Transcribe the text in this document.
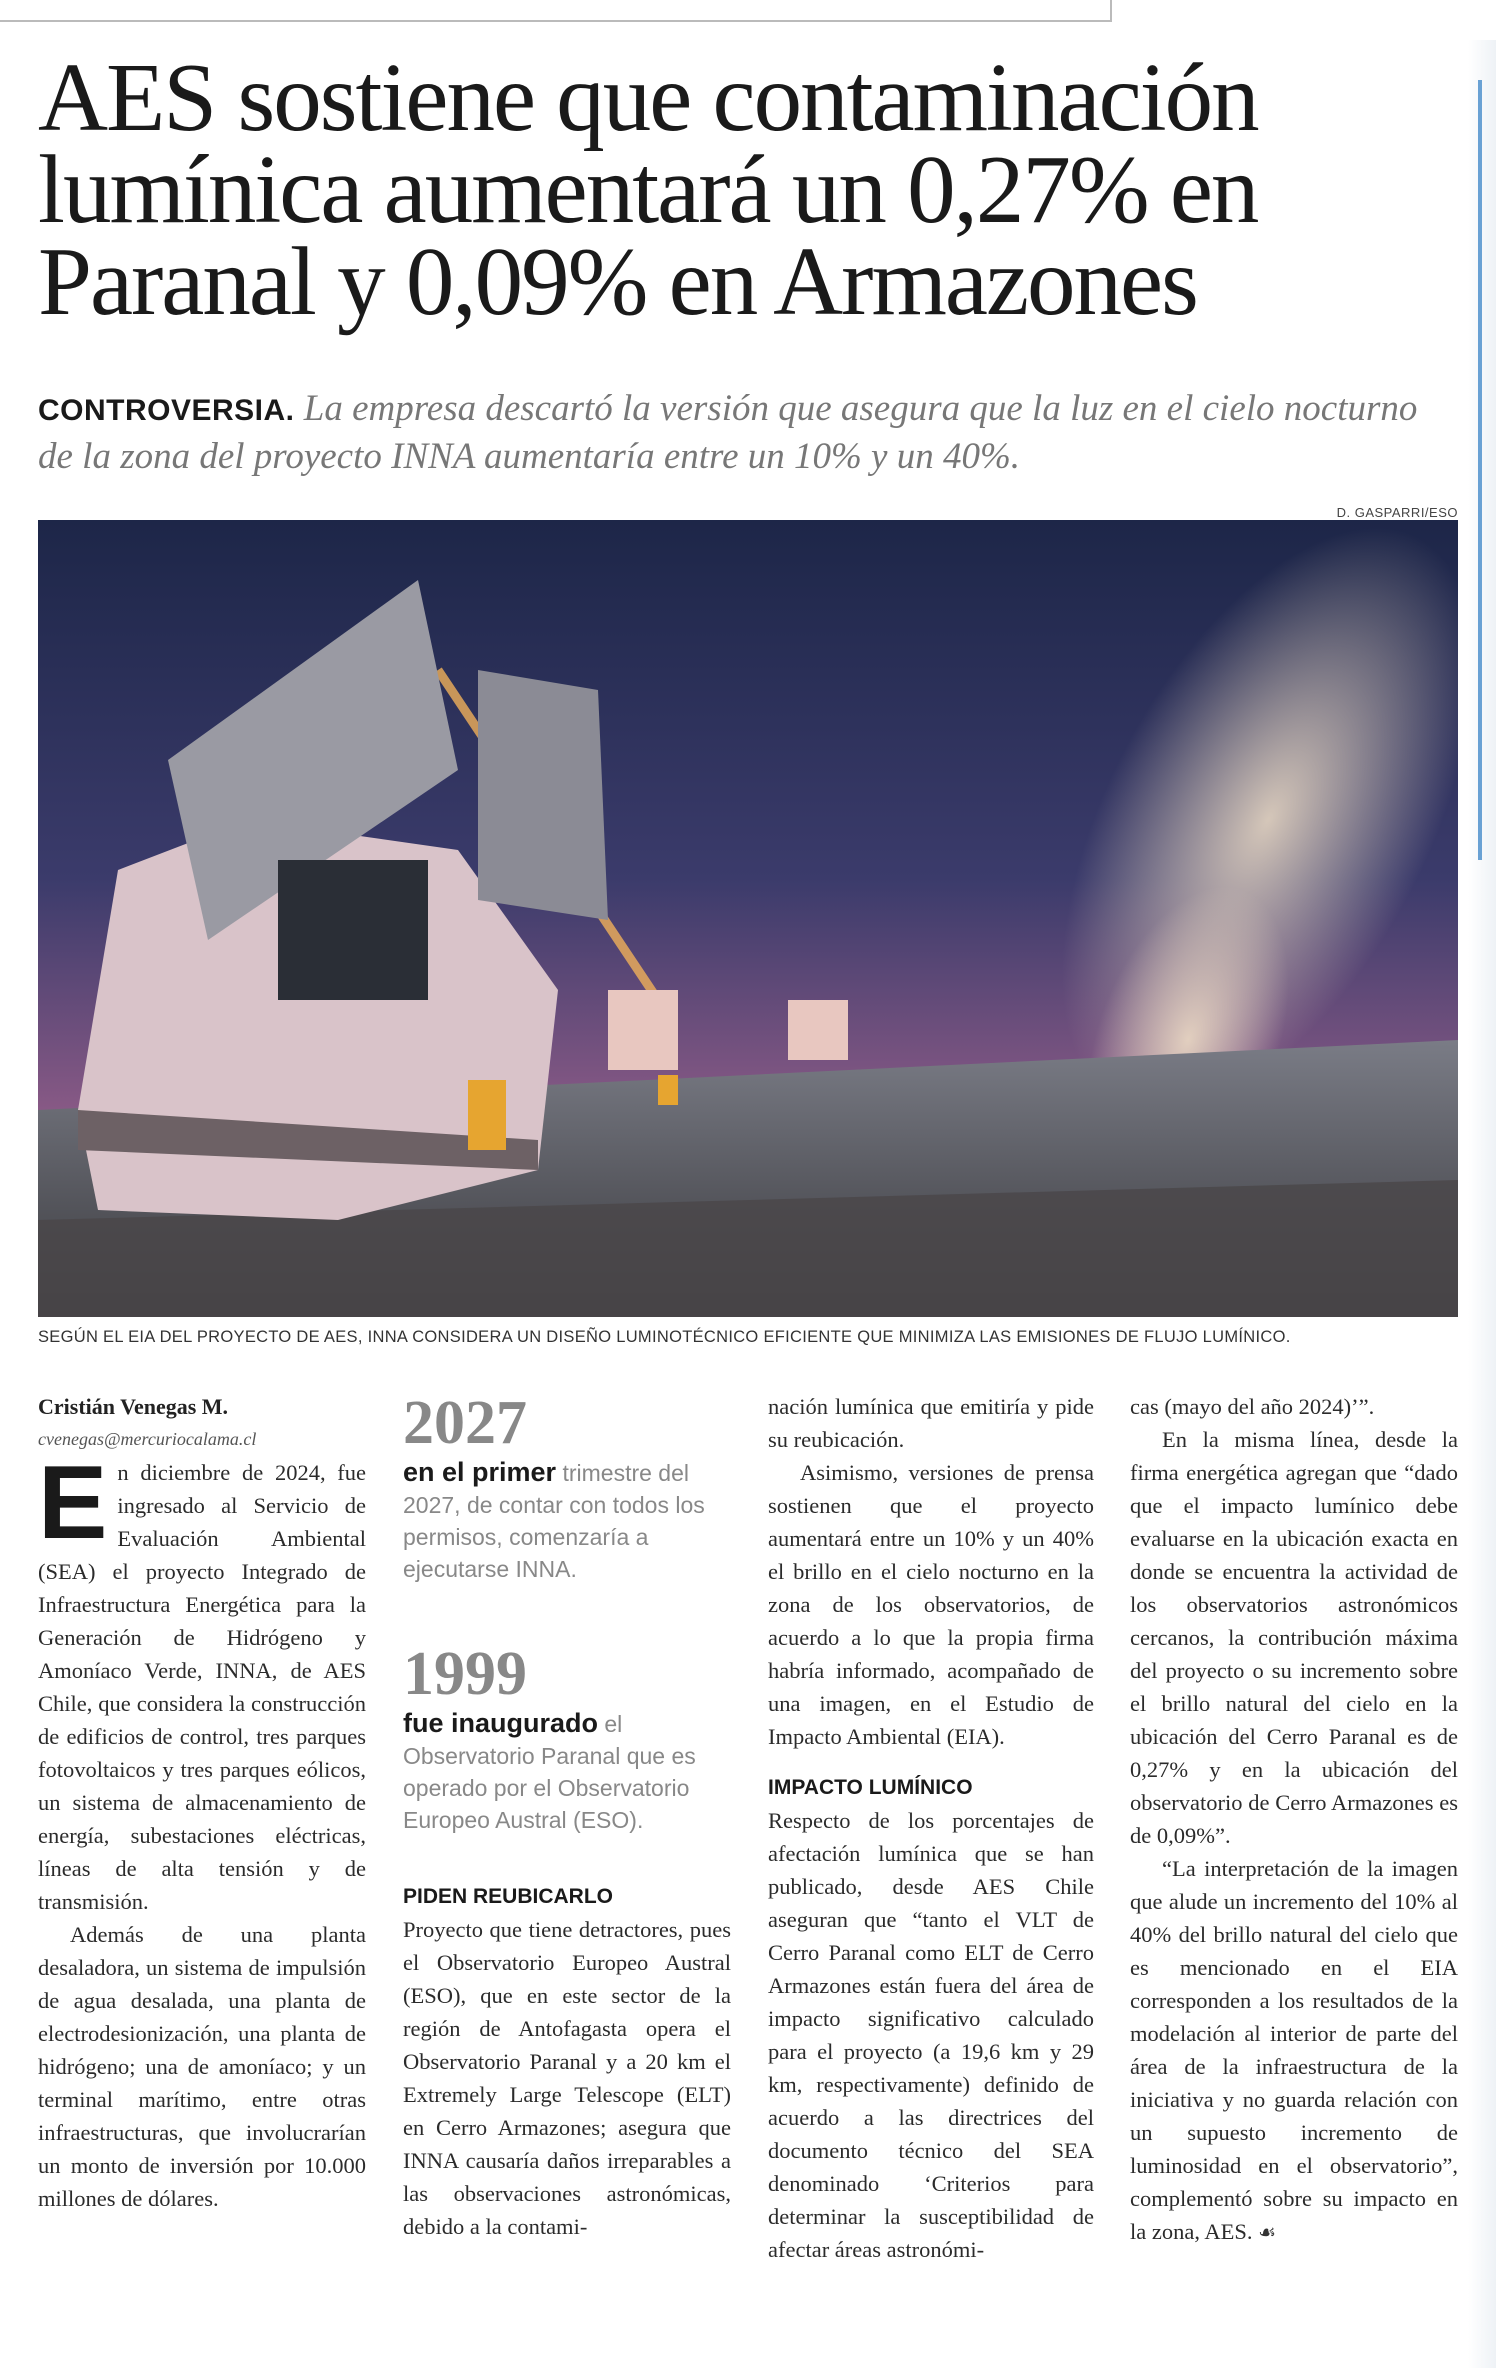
AES sostiene que contaminación lumínica aumentará un 0,27% en Paranal y 0,09% en Armazones

CONTROVERSIA. La empresa descartó la versión que asegura que la luz en el cielo nocturno de la zona del proyecto INNA aumentaría entre un 10% y un 40%.

D. GASPARRI/ESO
SEGÚN EL EIA DEL PROYECTO DE AES, INNA CONSIDERA UN DISEÑO LUMINOTÉCNICO EFICIENTE QUE MINIMIZA LAS EMISIONES DE FLUJO LUMÍNICO.

Cristián Venegas M.

cvenegas@mercuriocalama.cl

En diciembre de 2024, fue ingresado al Servicio de Evaluación Ambiental (SEA) el proyecto Integrado de Infraestructura Energética para la Generación de Hidrógeno y Amoníaco Verde, INNA, de AES Chile, que considera la construcción de edificios de control, tres parques fotovoltaicos y tres parques eólicos, un sistema de almacenamiento de energía, subestaciones eléctricas, líneas de alta tensión y de transmisión.

Además de una planta desaladora, un sistema de impulsión de agua desalada, una planta de electrodesionización, una planta de hidrógeno; una de amoníaco; y un terminal marítimo, entre otras infraestructuras, que involucrarían un monto de inversión por 10.000 millones de dólares.

2027

en el primer trimestre del 2027, de contar con todos los permisos, comenzaría a ejecutarse INNA.

1999

fue inaugurado el Observatorio Paranal que es operado por el Observatorio Europeo Austral (ESO).

PIDEN REUBICARLO

Proyecto que tiene detractores, pues el Observatorio Europeo Austral (ESO), que en este sector de la región de Antofagasta opera el Observatorio Paranal y a 20 km el Extremely Large Telescope (ELT) en Cerro Armazones; asegura que INNA causaría daños irreparables a las observaciones astronómicas, debido a la contami-

nación lumínica que emitiría y pide su reubicación.

Asimismo, versiones de prensa sostienen que el proyecto aumentará entre un 10% y un 40% el brillo en el cielo nocturno en la zona de los observatorios, de acuerdo a lo que la propia firma habría informado, acompañado de una imagen, en el Estudio de Impacto Ambiental (EIA).

IMPACTO LUMÍNICO

Respecto de los porcentajes de afectación lumínica que se han publicado, desde AES Chile aseguran que “tanto el VLT de Cerro Paranal como ELT de Cerro Armazones están fuera del área de impacto significativo calculado para el proyecto (a 19,6 km y 29 km, respectivamente) definido de acuerdo a las directrices del documento técnico del SEA denominado ‘Criterios para determinar la susceptibilidad de afectar áreas astronómi-

cas (mayo del año 2024)’”.

En la misma línea, desde la firma energética agregan que “dado que el impacto lumínico debe evaluarse en la ubicación exacta en donde se encuentra la actividad de los observatorios astronómicos cercanos, la contribución máxima del proyecto o su incremento sobre el brillo natural del cielo en la ubicación del Cerro Paranal es de 0,27% y en la ubicación del observatorio de Cerro Armazones es de 0,09%”.

“La interpretación de la imagen que alude un incremento del 10% al 40% del brillo natural del cielo que es mencionado en el EIA corresponden a los resultados de la modelación al interior de parte del área de la infraestructura de la iniciativa y no guarda relación con un supuesto incremento de luminosidad en el observatorio”, complementó sobre su impacto en la zona, AES. ☙
